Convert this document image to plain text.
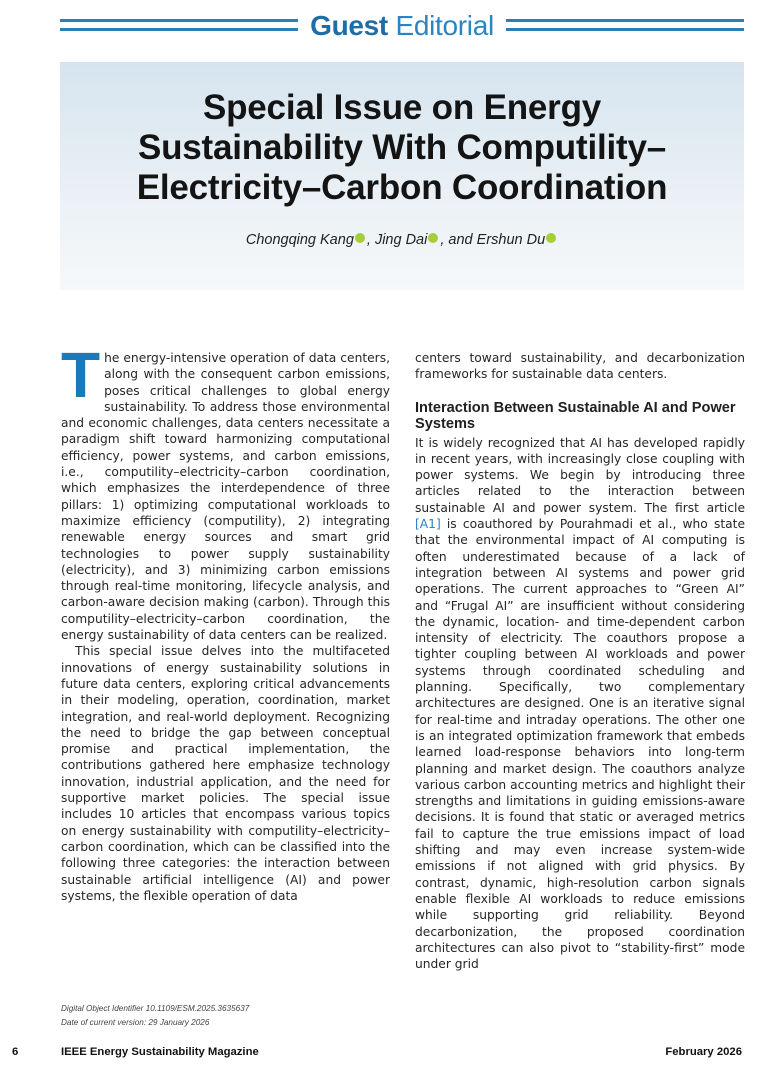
Guest Editorial
Special Issue on Energy
Sustainability With Computility–
Electricity–Carbon Coordination
Chongqing Kang , Jing Dai , and Ershun Du

The energy-intensive operation of data centers, along with the consequent carbon emissions, poses critical challenges to global energy sustainability. To address those environmental and economic challenges, data centers necessitate a paradigm shift toward harmonizing computational efficiency, power systems, and carbon emissions, i.e., computility–electricity–carbon coordination, which emphasizes the interdependence of three pillars: 1) optimizing computational workloads to maximize efficiency (computility), 2) integrating renewable energy sources and smart grid technologies to power supply sustainability (electricity), and 3) minimizing carbon emissions through real-time monitoring, lifecycle analysis, and carbon-aware decision making (carbon). Through this computility–electricity–carbon coordination, the energy sustainability of data centers can be realized.

This special issue delves into the multifaceted innovations of energy sustainability solutions in future data centers, exploring critical advancements in their modeling, operation, coordination, market integration, and real-world deployment. Recognizing the need to bridge the gap between conceptual promise and practical implementation, the contributions gathered here emphasize technology innovation, industrial application, and the need for supportive market policies. The special issue includes 10 articles that encompass various topics on energy sustainability with computility–electricity–carbon coordination, which can be classified into the following three categories: the interaction between sustainable artificial intelligence (AI) and power systems, the flexible operation of data

centers toward sustainability, and decarbonization frameworks for sustainable data centers.

Interaction Between Sustainable AI and Power Systems

It is widely recognized that AI has developed rapidly in recent years, with increasingly close coupling with power systems. We begin by introducing three articles related to the interaction between sustainable AI and power system. The first article [A1] is coauthored by Pourahmadi et al., who state that the environmental impact of AI computing is often underestimated because of a lack of integration between AI systems and power grid operations. The current approaches to “Green AI” and “Frugal AI” are insufficient without considering the dynamic, location- and time-dependent carbon intensity of electricity. The coauthors propose a tighter coupling between AI workloads and power systems through coordinated scheduling and planning. Specifically, two complementary architectures are designed. One is an iterative signal for real-time and intraday operations. The other one is an integrated optimization framework that embeds learned load-response behaviors into long-term planning and market design. The coauthors analyze various carbon accounting metrics and highlight their strengths and limitations in guiding emissions-aware decisions. It is found that static or averaged metrics fail to capture the true emissions impact of load shifting and may even increase system-wide emissions if not aligned with grid physics. By contrast, dynamic, high-resolution carbon signals enable flexible AI workloads to reduce emissions while supporting grid reliability. Beyond decarbonization, the proposed coordination architectures can also pivot to “stability-first” mode under grid

Digital Object Identifier 10.1109/ESM.2025.3635637
Date of current version: 29 January 2026
6	IEEE Energy Sustainability Magazine	February 2026
